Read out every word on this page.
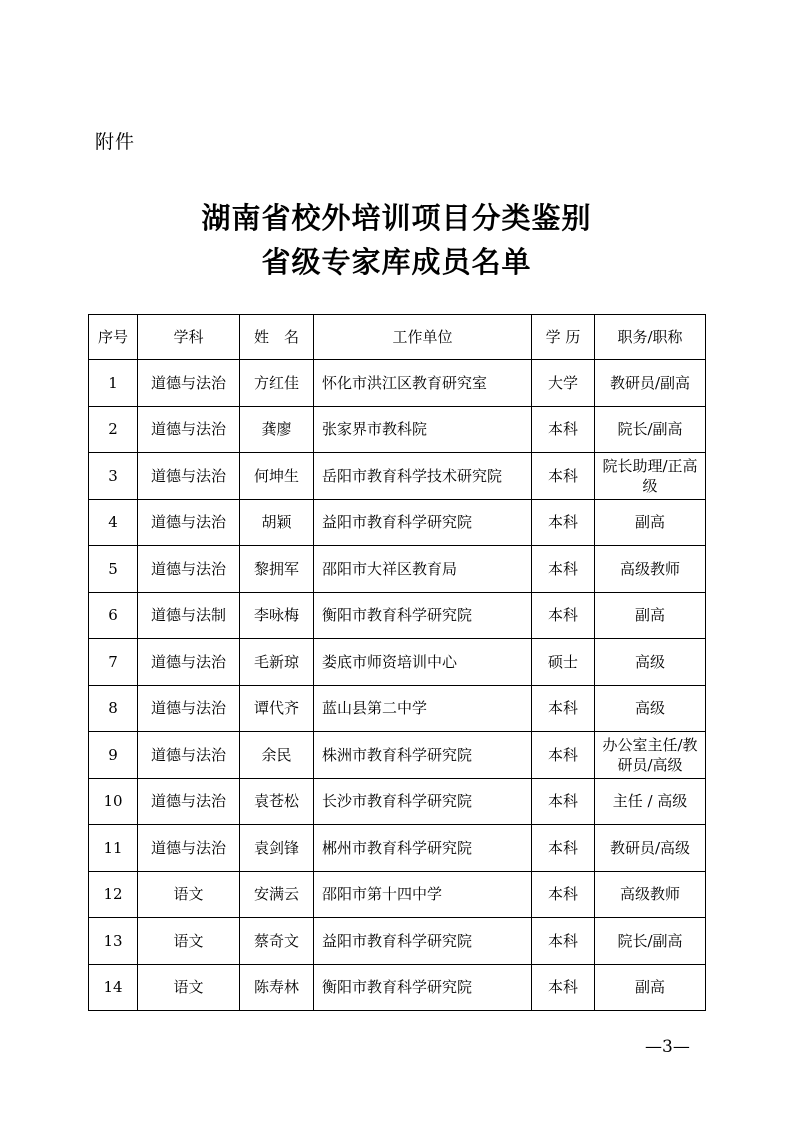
附件
湖南省校外培训项目分类鉴别
省级专家库成员名单
序号	学科	姓　名	工作单位	学 历	职务/职称
1	道德与法治	方红佳	怀化市洪江区教育研究室	大学	教研员/副高
2	道德与法治	龚廖	张家界市教科院	本科	院长/副高
3	道德与法治	何坤生	岳阳市教育科学技术研究院	本科	院长助理/正高级
4	道德与法治	胡颖	益阳市教育科学研究院	本科	副高
5	道德与法治	黎拥军	邵阳市大祥区教育局	本科	高级教师
6	道德与法制	李咏梅	衡阳市教育科学研究院	本科	副高
7	道德与法治	毛新琼	娄底市师资培训中心	硕士	高级
8	道德与法治	谭代齐	蓝山县第二中学	本科	高级
9	道德与法治	余民	株洲市教育科学研究院	本科	办公室主任/教研员/高级
10	道德与法治	袁苍松	长沙市教育科学研究院	本科	主任 / 高级
11	道德与法治	袁剑锋	郴州市教育科学研究院	本科	教研员/高级
12	语文	安满云	邵阳市第十四中学	本科	高级教师
13	语文	蔡奇文	益阳市教育科学研究院	本科	院长/副高
14	语文	陈寿林	衡阳市教育科学研究院	本科	副高
—3—
